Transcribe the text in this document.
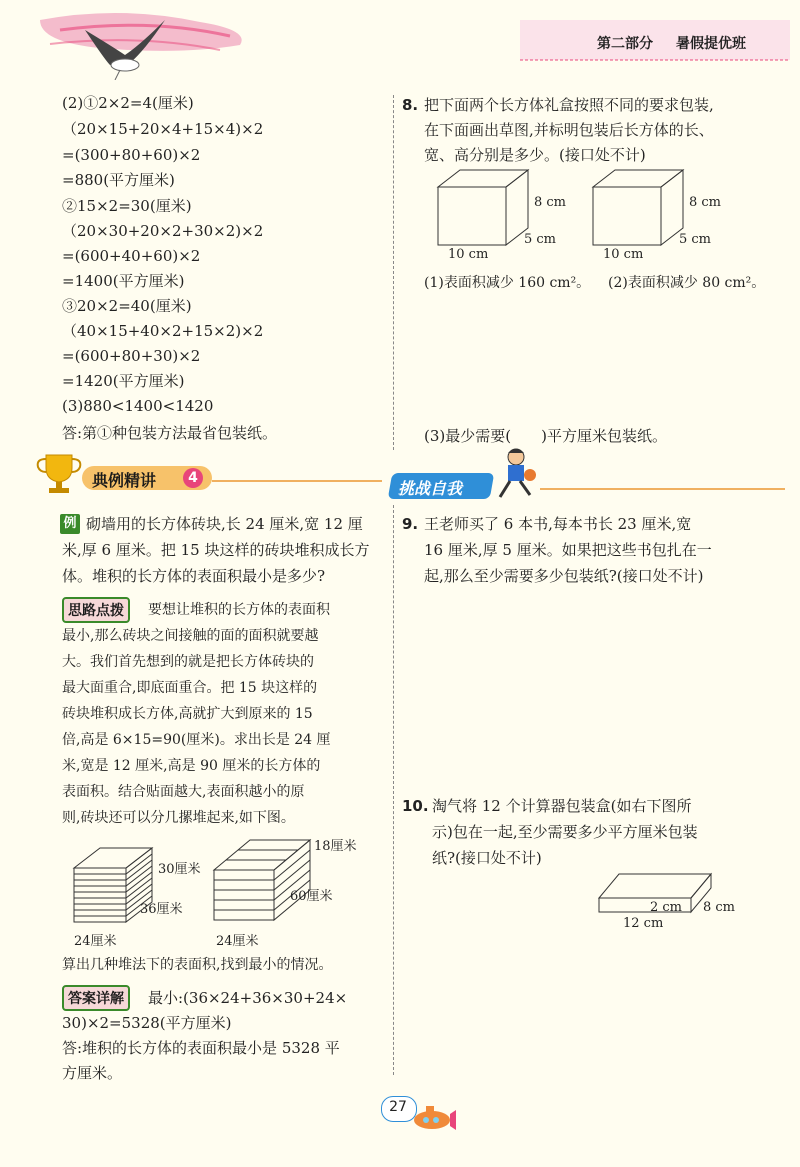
第二部分 暑假提优班
(2)①2×2=4(厘米)
（20×15+20×4+15×4)×2
=(300+80+60)×2
=880(平方厘米)
②15×2=30(厘米)
（20×30+20×2+30×2)×2
=(600+40+60)×2
=1400(平方厘米)
③20×2=40(厘米)
（40×15+40×2+15×2)×2
=(600+80+30)×2
=1420(平方厘米)
(3)880<1400<1420
答:第①种包装方法最省包装纸。
8. 把下面两个长方体礼盒按照不同的要求包装,
在下面画出草图,并标明包装后长方体的长、
宽、高分别是多少。(接口处不计)
8 cm
5 cm
10 cm
8 cm
5 cm
10 cm
(1)表面积减少 160 cm²。 (2)表面积减少 80 cm²。
(3)最少需要(　　)平方厘米包装纸。
典例精讲	4
挑战自我
例 砌墙用的长方体砖块,长 24 厘米,宽 12 厘
米,厚 6 厘米。把 15 块这样的砖块堆积成长方
体。堆积的长方体的表面积最小是多少?
思路点拨	要想让堆积的长方体的表面积
最小,那么砖块之间接触的面的面积就要越
大。我们首先想到的就是把长方体砖块的
最大面重合,即底面重合。把 15 块这样的
砖块堆积成长方体,高就扩大到原来的 15
倍,高是 6×15=90(厘米)。求出长是 24 厘
米,宽是 12 厘米,高是 90 厘米的长方体的
表面积。结合贴面越大,表面积越小的原
则,砖块还可以分几摞堆起来,如下图。
30厘米
36厘米
24厘米
18厘米
60厘米
24厘米
算出几种堆法下的表面积,找到最小的情况。
答案详解	最小:(36×24+36×30+24×
30)×2=5328(平方厘米)
答:堆积的长方体的表面积最小是 5328 平
方厘米。
9. 王老师买了 6 本书,每本书长 23 厘米,宽
16 厘米,厚 5 厘米。如果把这些书包扎在一
起,那么至少需要多少包装纸?(接口处不计)
10. 淘气将 12 个计算器包装盒(如右下图所
示)包在一起,至少需要多少平方厘米包装
纸?(接口处不计)
2 cm 8 cm
12 cm
27
